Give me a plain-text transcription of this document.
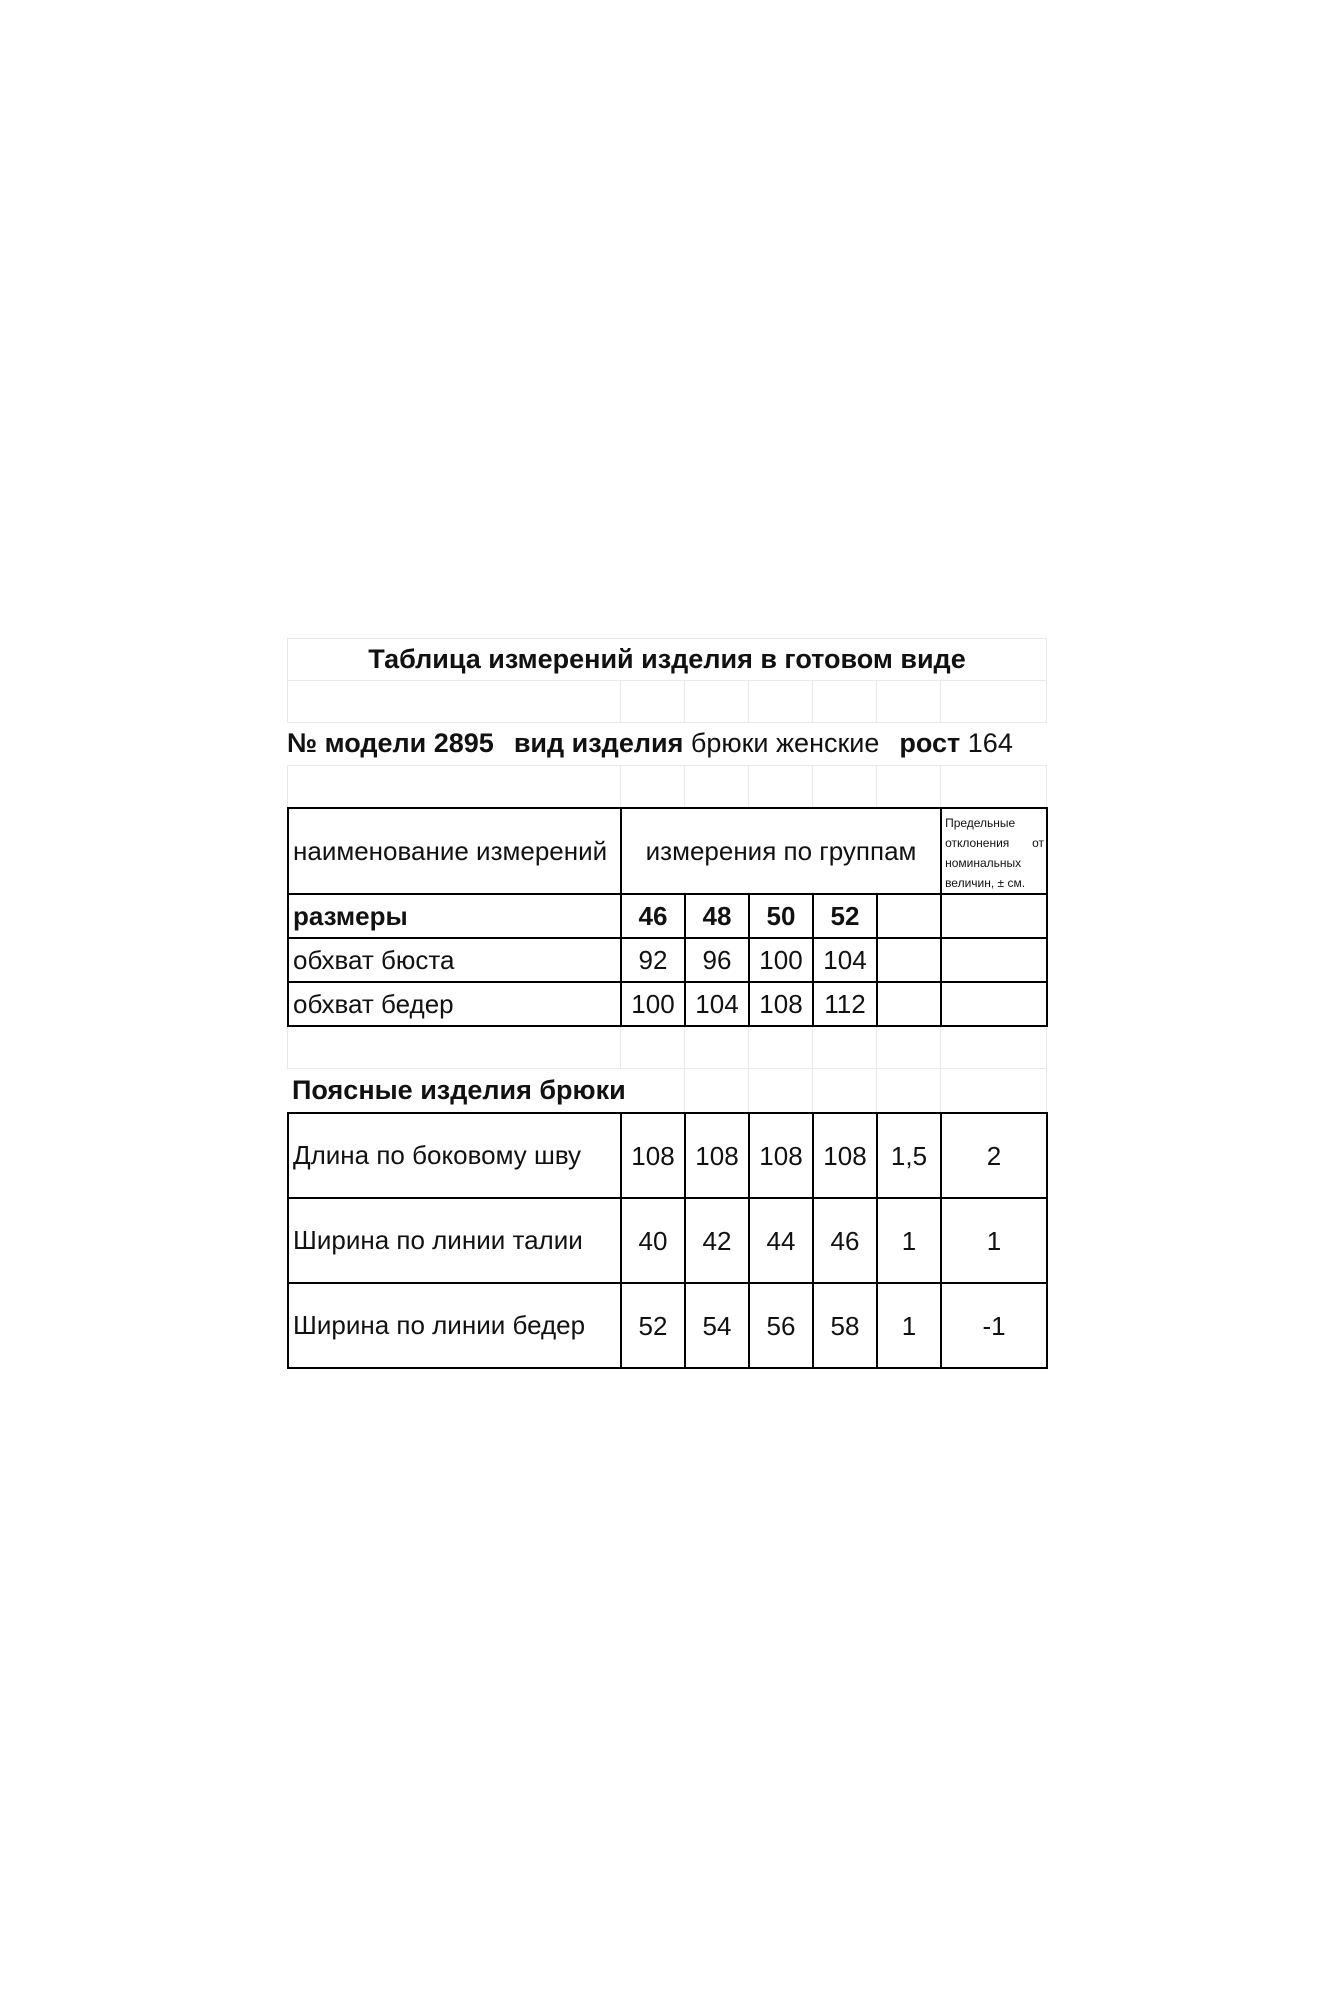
Таблица измерений изделия в готовом виде
№ модели 2895 вид изделия
брюки женские рост
164
наименование измерений	измерения по группам					Предельные отклонения от номинальных величин, ± см.
размеры	46	48	50	52		
обхват бюста	92	96	100	104		
обхват бедер	100	104	108	112		
Поясные изделия брюки
Длина по боковому шву	108	108	108	108	1,5	2
Ширина по линии талии	40	42	44	46	1	1
Ширина по линии бедер	52	54	56	58	1	-1
